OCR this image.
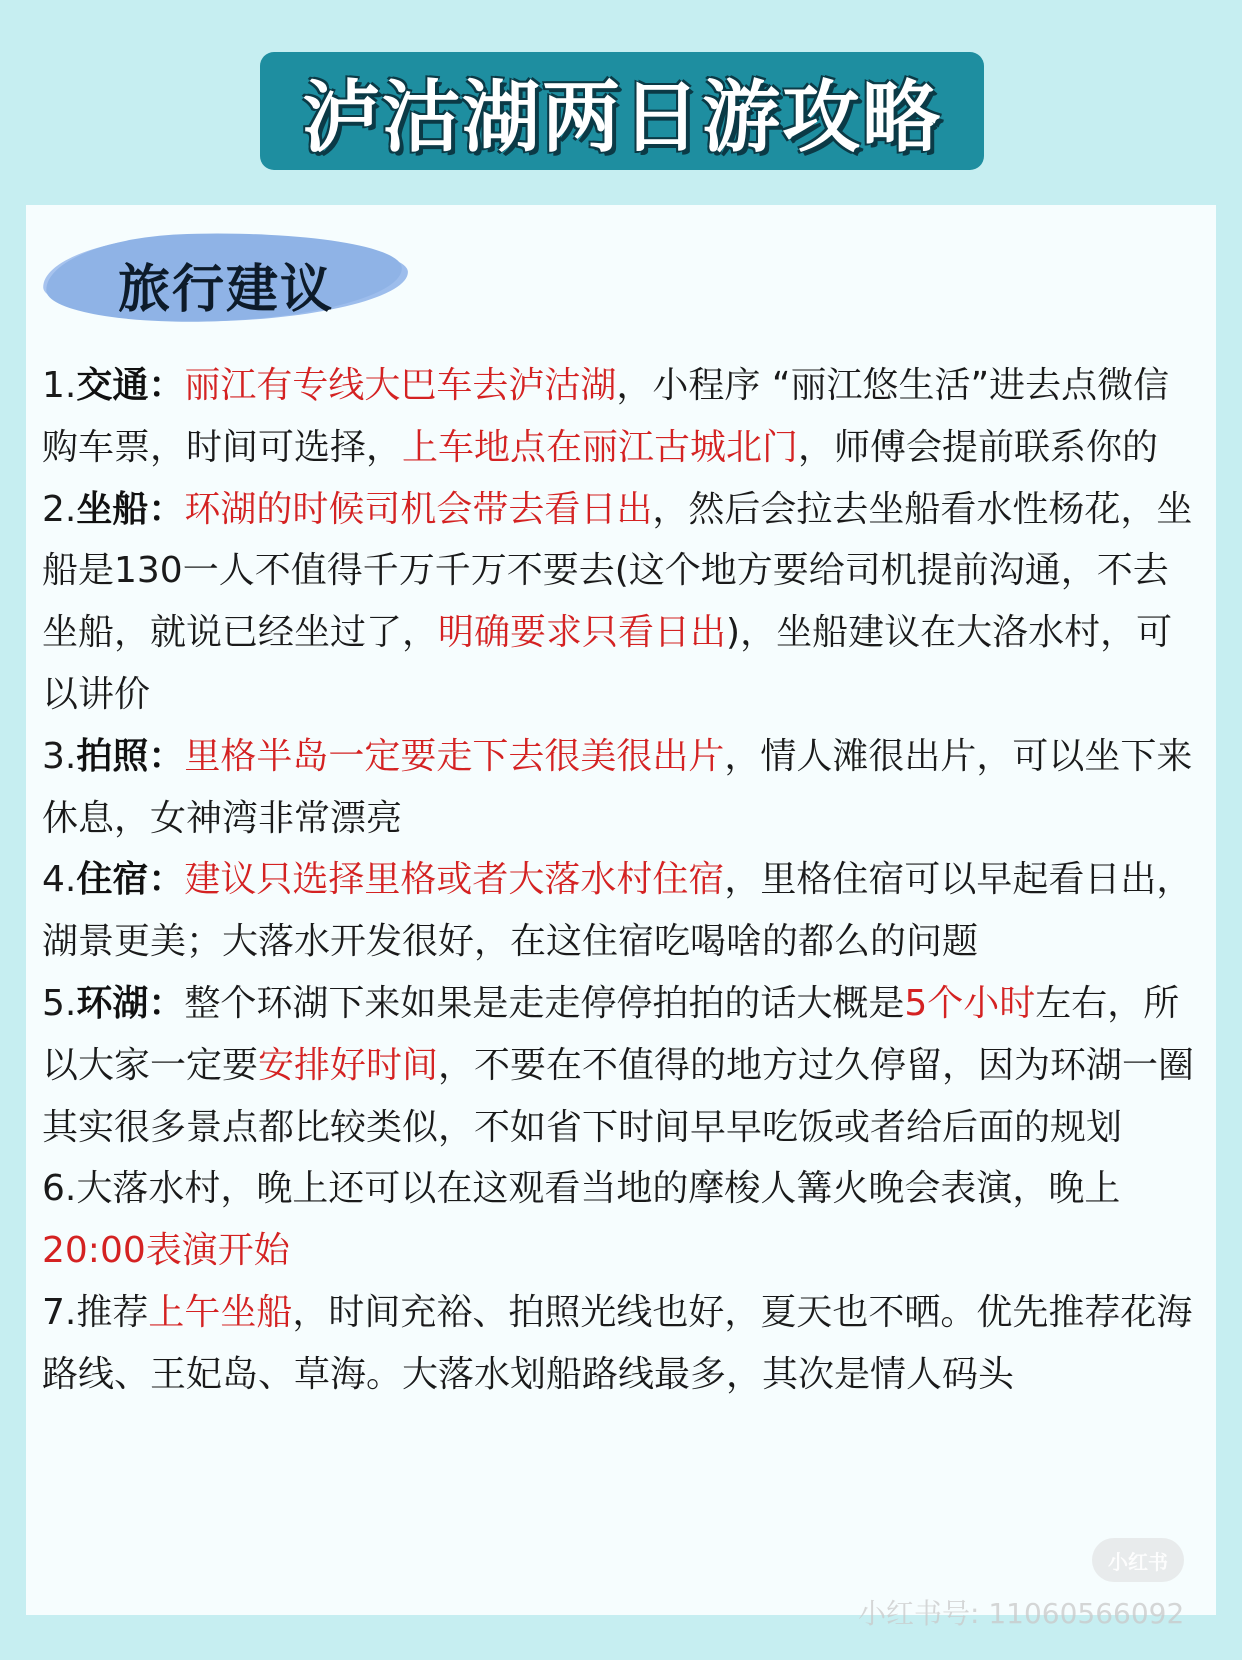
泸沽湖两日游攻略
旅行建议

1.交通：丽江有专线大巴车去泸沽湖，小程序 “丽江悠生活”进去点微信购车票，时间可选择，上车地点在丽江古城北门，师傅会提前联系你的

2.坐船：环湖的时候司机会带去看日出，然后会拉去坐船看水性杨花，坐船是130一人不值得千万千万不要去(这个地方要给司机提前沟通，不去坐船，就说已经坐过了，明确要求只看日出)，坐船建议在大洛水村，可以讲价

3.拍照：里格半岛一定要走下去很美很出片，情人滩很出片，可以坐下来休息，女神湾非常漂亮

4.住宿：建议只选择里格或者大落水村住宿，里格住宿可以早起看日出，湖景更美；大落水开发很好，在这住宿吃喝啥的都么的问题

5.环湖：整个环湖下来如果是走走停停拍拍的话大概是5个小时左右，所以大家一定要安排好时间，不要在不值得的地方过久停留，因为环湖一圈其实很多景点都比较类似，不如省下时间早早吃饭或者给后面的规划

6.大落水村，晚上还可以在这观看当地的摩梭人篝火晚会表演，晚上20:00表演开始

7.推荐上午坐船，时间充裕、拍照光线也好，夏天也不晒。优先推荐花海路线、王妃岛、草海。大落水划船路线最多，其次是情人码头

小红书
小红书号: 11060566092
